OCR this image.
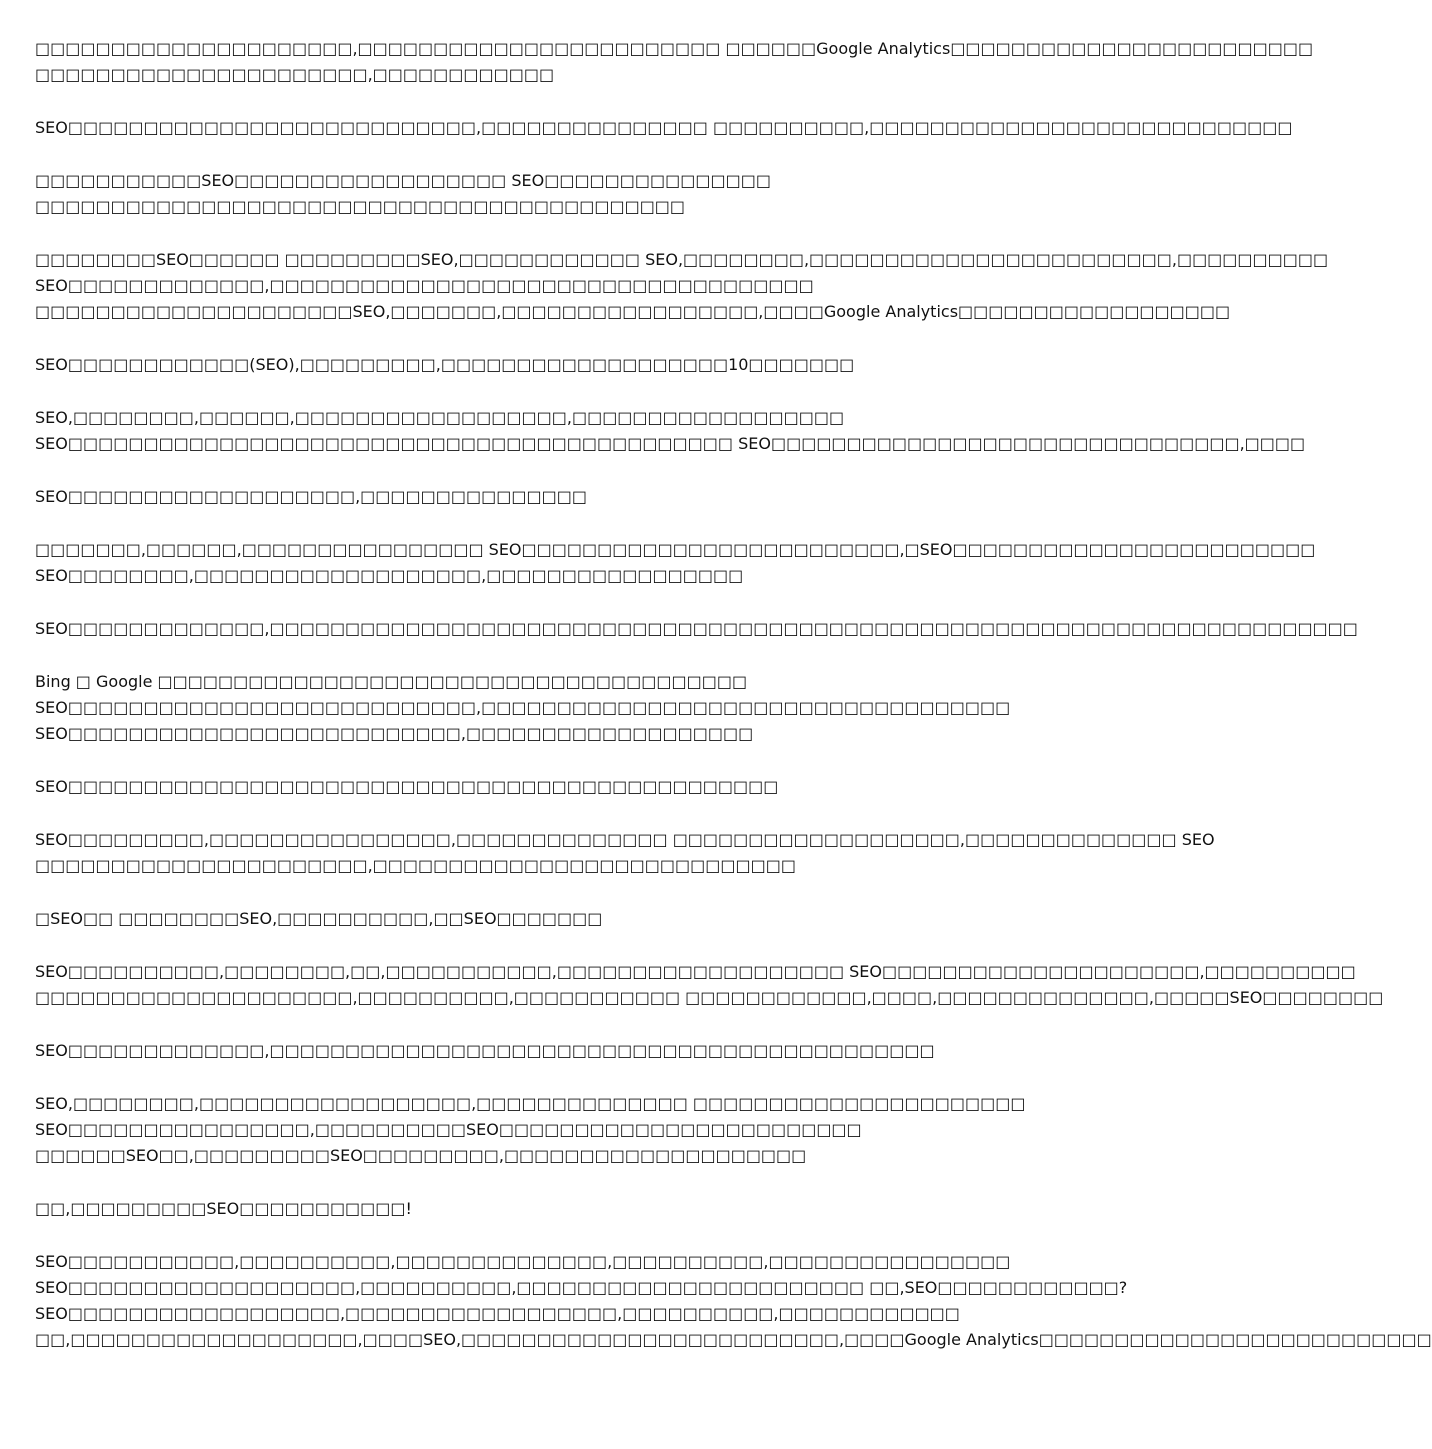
□□□□□□□□□□□□□□□□□□□□□,□□□□□□□□□□□□□□□□□□□□□□□□ □□□□□□Google Analytics□□□□□□□□□□□□□□□□□□□□□□□□
□□□□□□□□□□□□□□□□□□□□□□,□□□□□□□□□□□□
SEO□□□□□□□□□□□□□□□□□□□□□□□□□□□,□□□□□□□□□□□□□□□ □□□□□□□□□□,□□□□□□□□□□□□□□□□□□□□□□□□□□□□
□□□□□□□□□□□SEO□□□□□□□□□□□□□□□□□□ SEO□□□□□□□□□□□□□□□
□□□□□□□□□□□□□□□□□□□□□□□□□□□□□□□□□□□□□□□□□□□
□□□□□□□□SEO□□□□□□ □□□□□□□□□SEO,□□□□□□□□□□□□ SEO,□□□□□□□□,□□□□□□□□□□□□□□□□□□□□□□□□,□□□□□□□□□□
SEO□□□□□□□□□□□□□,□□□□□□□□□□□□□□□□□□□□□□□□□□□□□□□□□□□□
□□□□□□□□□□□□□□□□□□□□□SEO,□□□□□□□,□□□□□□□□□□□□□□□□□,□□□□Google Analytics□□□□□□□□□□□□□□□□□□
SEO□□□□□□□□□□□□(SEO),□□□□□□□□□,□□□□□□□□□□□□□□□□□□□10□□□□□□□
SEO,□□□□□□□□,□□□□□□,□□□□□□□□□□□□□□□□□□,□□□□□□□□□□□□□□□□□□
SEO□□□□□□□□□□□□□□□□□□□□□□□□□□□□□□□□□□□□□□□□□□□□ SEO□□□□□□□□□□□□□□□□□□□□□□□□□□□□□□□,□□□□
SEO□□□□□□□□□□□□□□□□□□□,□□□□□□□□□□□□□□□
□□□□□□□,□□□□□□,□□□□□□□□□□□□□□□□ SEO□□□□□□□□□□□□□□□□□□□□□□□□□,□SEO□□□□□□□□□□□□□□□□□□□□□□□□
SEO□□□□□□□□,□□□□□□□□□□□□□□□□□□□,□□□□□□□□□□□□□□□□□
SEO□□□□□□□□□□□□□,□□□□□□□□□□□□□□□□□□□□□□□□□□□□□□□□□□□□□□□□□□□□□□□□□□□□□□□□□□□□□□□□□□□□□□□□
Bing □ Google □□□□□□□□□□□□□□□□□□□□□□□□□□□□□□□□□□□□□□□
SEO□□□□□□□□□□□□□□□□□□□□□□□□□□□,□□□□□□□□□□□□□□□□□□□□□□□□□□□□□□□□□□□
SEO□□□□□□□□□□□□□□□□□□□□□□□□□□,□□□□□□□□□□□□□□□□□□□
SEO□□□□□□□□□□□□□□□□□□□□□□□□□□□□□□□□□□□□□□□□□□□□□□□
SEO□□□□□□□□□,□□□□□□□□□□□□□□□□,□□□□□□□□□□□□□□ □□□□□□□□□□□□□□□□□□□,□□□□□□□□□□□□□□ SEO
□□□□□□□□□□□□□□□□□□□□□□,□□□□□□□□□□□□□□□□□□□□□□□□□□□□
□SEO□□ □□□□□□□□SEO,□□□□□□□□□□,□□SEO□□□□□□□
SEO□□□□□□□□□□,□□□□□□□□,□□,□□□□□□□□□□□,□□□□□□□□□□□□□□□□□□□ SEO□□□□□□□□□□□□□□□□□□□□□,□□□□□□□□□□
□□□□□□□□□□□□□□□□□□□□□,□□□□□□□□□□,□□□□□□□□□□□ □□□□□□□□□□□□,□□□□,□□□□□□□□□□□□□□,□□□□□SEO□□□□□□□□
SEO□□□□□□□□□□□□□,□□□□□□□□□□□□□□□□□□□□□□□□□□□□□□□□□□□□□□□□□□□□
SEO,□□□□□□□□,□□□□□□□□□□□□□□□□□□,□□□□□□□□□□□□□□ □□□□□□□□□□□□□□□□□□□□□□
SEO□□□□□□□□□□□□□□□□,□□□□□□□□□□SEO□□□□□□□□□□□□□□□□□□□□□□□□
□□□□□□SEO□□,□□□□□□□□□SEO□□□□□□□□□,□□□□□□□□□□□□□□□□□□□□
□□,□□□□□□□□□SEO□□□□□□□□□□□!
SEO□□□□□□□□□□□,□□□□□□□□□□,□□□□□□□□□□□□□□,□□□□□□□□□□,□□□□□□□□□□□□□□□□
SEO□□□□□□□□□□□□□□□□□□□,□□□□□□□□□□,□□□□□□□□□□□□□□□□□□□□□□□ □□,SEO□□□□□□□□□□□□?
SEO□□□□□□□□□□□□□□□□□□,□□□□□□□□□□□□□□□□□□,□□□□□□□□□□,□□□□□□□□□□□□
□□,□□□□□□□□□□□□□□□□□□□,□□□□SEO,□□□□□□□□□□□□□□□□□□□□□□□□□,□□□□Google Analytics□□□□□□□□□□□□□□□□□□□□□□□□□□
